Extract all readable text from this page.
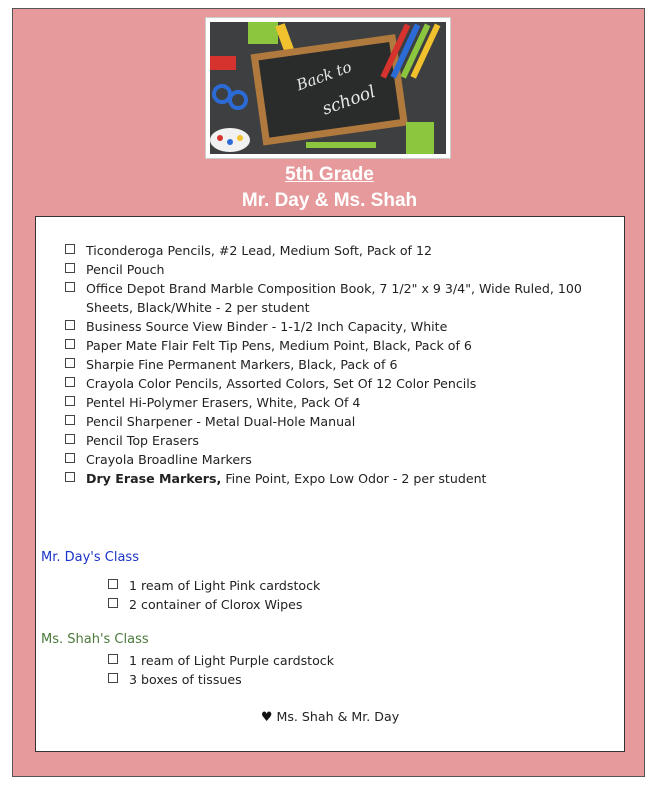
Back to
school
5th Grade
Mr. Day & Ms. Shah
Ticonderoga Pencils, #2 Lead, Medium Soft, Pack of 12
Pencil Pouch
Office Depot Brand Marble Composition Book, 7 1/2" x 9 3/4", Wide Ruled, 100 Sheets, Black/White - 2 per student
Business Source View Binder - 1-1/2 Inch Capacity, White
Paper Mate Flair Felt Tip Pens, Medium Point, Black, Pack of 6
Sharpie Fine Permanent Markers, Black, Pack of 6
Crayola Color Pencils, Assorted Colors, Set Of 12 Color Pencils
Pentel Hi-Polymer Erasers, White, Pack Of 4
Pencil Sharpener - Metal Dual-Hole Manual
Pencil Top Erasers
Crayola Broadline Markers
Dry Erase Markers, Fine Point, Expo Low Odor - 2 per student
Mr. Day's Class
1 ream of Light Pink cardstock
2 container of Clorox Wipes
Ms. Shah's Class
1 ream of Light Purple cardstock
3 boxes of tissues
♥ Ms. Shah & Mr. Day
